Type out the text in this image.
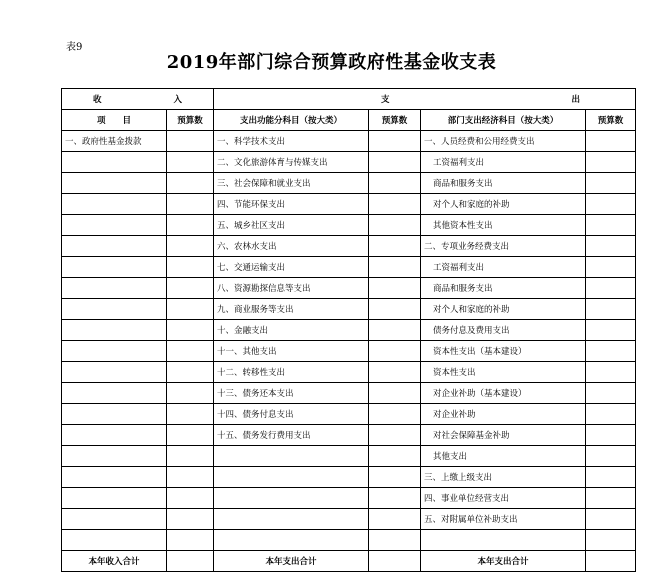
表9
2019年部门综合预算政府性基金收支表
收 入		支 出			

项　　目	预算数	支出功能分科目（按大类）	预算数	部门支出经济科目（按大类）	预算数
一、政府性基金拨款		一、科学技术支出		一、人员经费和公用经费支出	
		二、文化旅游体育与传媒支出		工资福利支出	
		三、社会保障和就业支出		商品和服务支出	
		四、节能环保支出		对个人和家庭的补助	
		五、城乡社区支出		其他资本性支出	
		六、农林水支出		二、专项业务经费支出	
		七、交通运输支出		工资福利支出	
		八、资源勘探信息等支出		商品和服务支出	
		九、商业服务等支出		对个人和家庭的补助	
		十、金融支出		债务付息及费用支出	
		十一、其他支出		资本性支出（基本建设）	
		十二、转移性支出		资本性支出	
		十三、债务还本支出		对企业补助（基本建设）	
		十四、债务付息支出		对企业补助	
		十五、债务发行费用支出		对社会保障基金补助	
				其他支出	
				三、上缴上级支出	
				四、事业单位经营支出	
				五、对附属单位补助支出	

本年收入合计		本年支出合计		本年支出合计	
